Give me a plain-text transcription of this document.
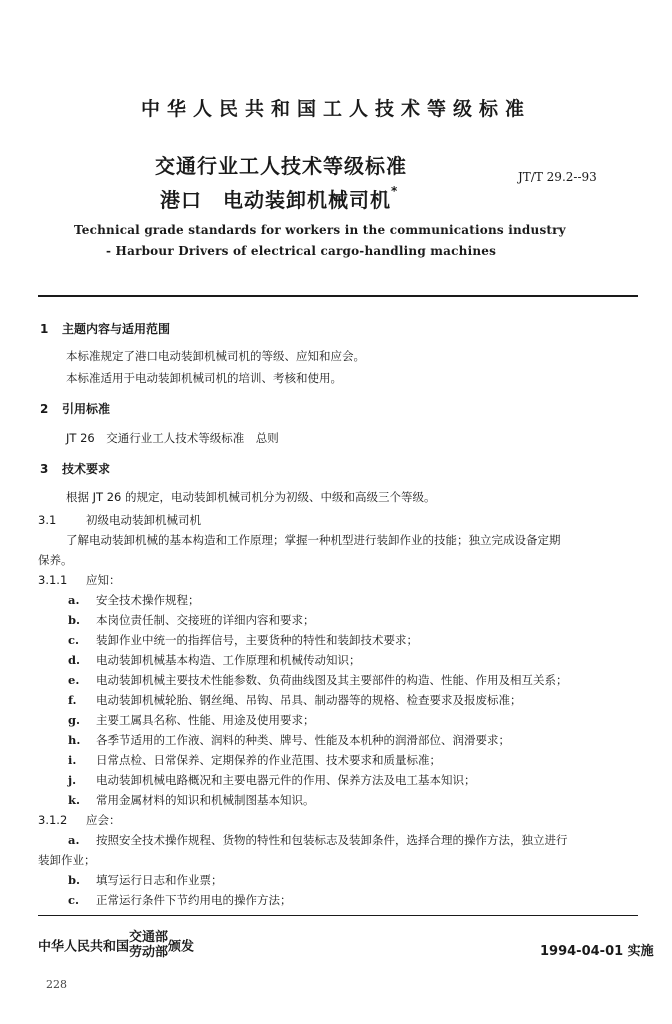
中华人民共和国工人技术等级标准
交通行业工人技术等级标准
港口　电动装卸机械司机*
JT/T 29.2--93
Technical grade standards for workers in the communications industry
- Harbour Drivers of electrical cargo-handling machines
1 主题内容与适用范围
本标准规定了港口电动装卸机械司机的等级、应知和应会。
本标准适用于电动装卸机械司机的培训、考核和使用。
2 引用标准
JT 26　交通行业工人技术等级标准　总则
3 技术要求
根据 JT 26 的规定，电动装卸机械司机分为初级、中级和高级三个等级。
3.1	初级电动装卸机械司机
了解电动装卸机械的基本构造和工作原理；掌握一种机型进行装卸作业的技能；独立完成设备定期
保养。
3.1.1 应知：
a. 安全技术操作规程；
b. 本岗位责任制、交接班的详细内容和要求；
c. 装卸作业中统一的指挥信号，主要货种的特性和装卸技术要求；
d. 电动装卸机械基本构造、工作原理和机械传动知识；
e. 电动装卸机械主要技术性能参数、负荷曲线图及其主要部件的构造、性能、作用及相互关系；
f. 电动装卸机械轮胎、钢丝绳、吊钩、吊具、制动器等的规格、检查要求及报废标准；
g. 主要工属具名称、性能、用途及使用要求；
h. 各季节适用的工作液、润料的种类、牌号、性能及本机种的润滑部位、润滑要求；
i. 日常点检、日常保养、定期保养的作业范围、技术要求和质量标准；
j. 电动装卸机械电路概况和主要电器元件的作用、保养方法及电工基本知识；
k. 常用金属材料的知识和机械制图基本知识。
3.1.2 应会：
a. 按照安全技术操作规程、货物的特性和包装标志及装卸条件，选择合理的操作方法，独立进行
装卸作业；
b. 填写运行日志和作业票；
c. 正常运行条件下节约用电的操作方法；
中华人民共和国
交通部
劳动部 颁发	1994-04-01 实施
228
